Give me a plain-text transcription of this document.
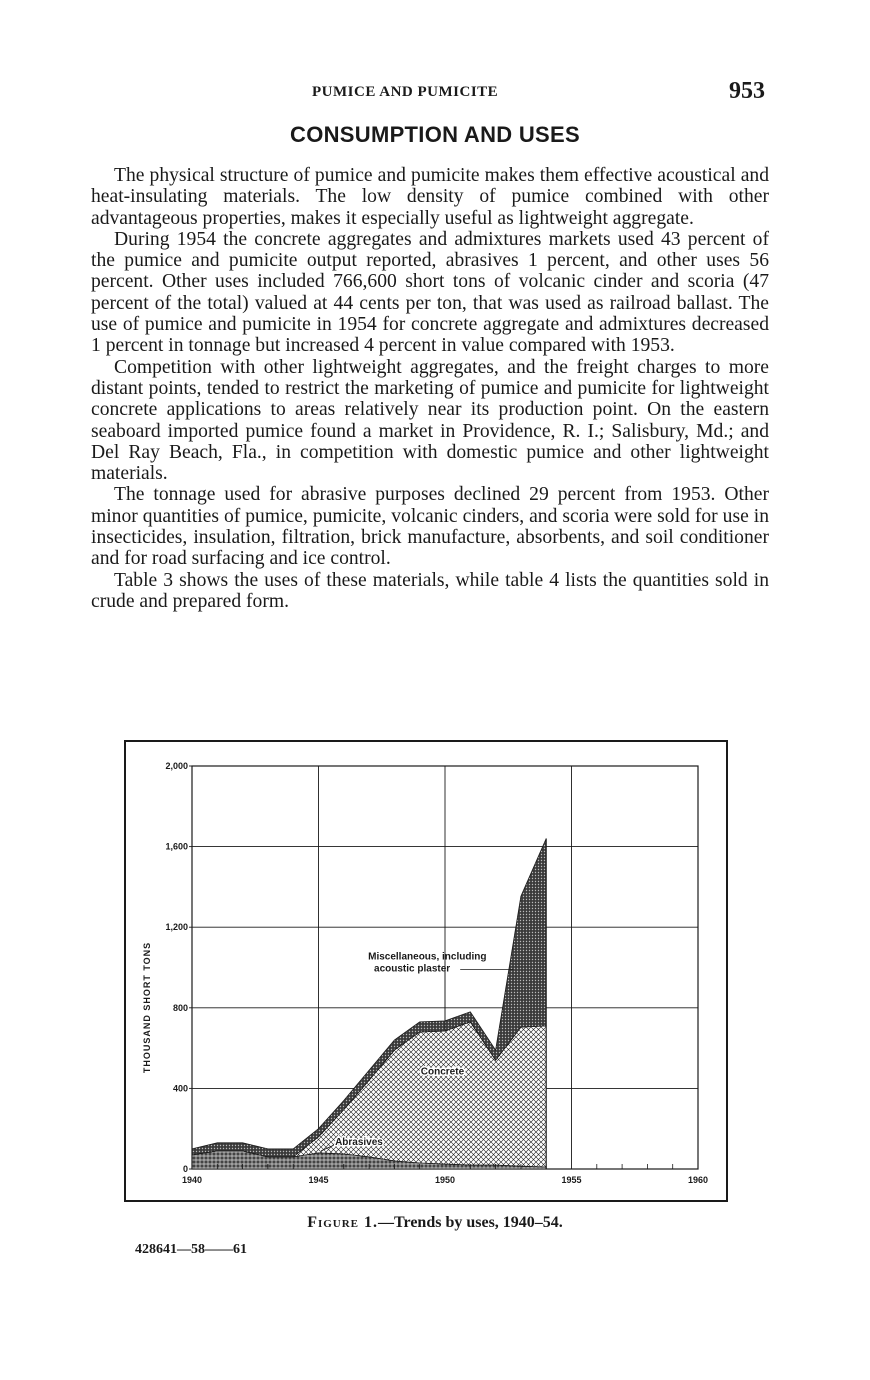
PUMICE AND PUMICITE	953
CONSUMPTION AND USES

The physical structure of pumice and pumicite makes them effective acoustical and heat-insulating materials. The low density of pumice combined with other advantageous properties, makes it especially useful as lightweight aggregate.

During 1954 the concrete aggregates and admixtures markets used 43 percent of the pumice and pumicite output reported, abrasives 1 percent, and other uses 56 percent. Other uses included 766,600 short tons of volcanic cinder and scoria (47 percent of the total) valued at 44 cents per ton, that was used as railroad ballast. The use of pumice and pumicite in 1954 for concrete aggregate and admixtures decreased 1 percent in tonnage but increased 4 percent in value compared with 1953.

Competition with other lightweight aggregates, and the freight charges to more distant points, tended to restrict the marketing of pumice and pumicite for lightweight concrete applications to areas relatively near its production point. On the eastern seaboard imported pumice found a market in Providence, R. I.; Salisbury, Md.; and Del Ray Beach, Fla., in competition with domestic pumice and other lightweight materials.

The tonnage used for abrasive purposes declined 29 percent from 1953. Other minor quantities of pumice, pumicite, volcanic cinders, and scoria were sold for use in insecticides, insulation, filtration, brick manufacture, absorbents, and soil conditioner and for road surfacing and ice control.

Table 3 shows the uses of these materials, while table 4 lists the quantities sold in crude and prepared form.

0
400
800
1,200
1,600
2,000
1940	1945	1950	1955	1960
THOUSAND SHORT TONS	Miscellaneous, including
acoustic plaster
Concrete
Abrasives
Figure 1.—Trends by uses, 1940–54.
428641—58——61
